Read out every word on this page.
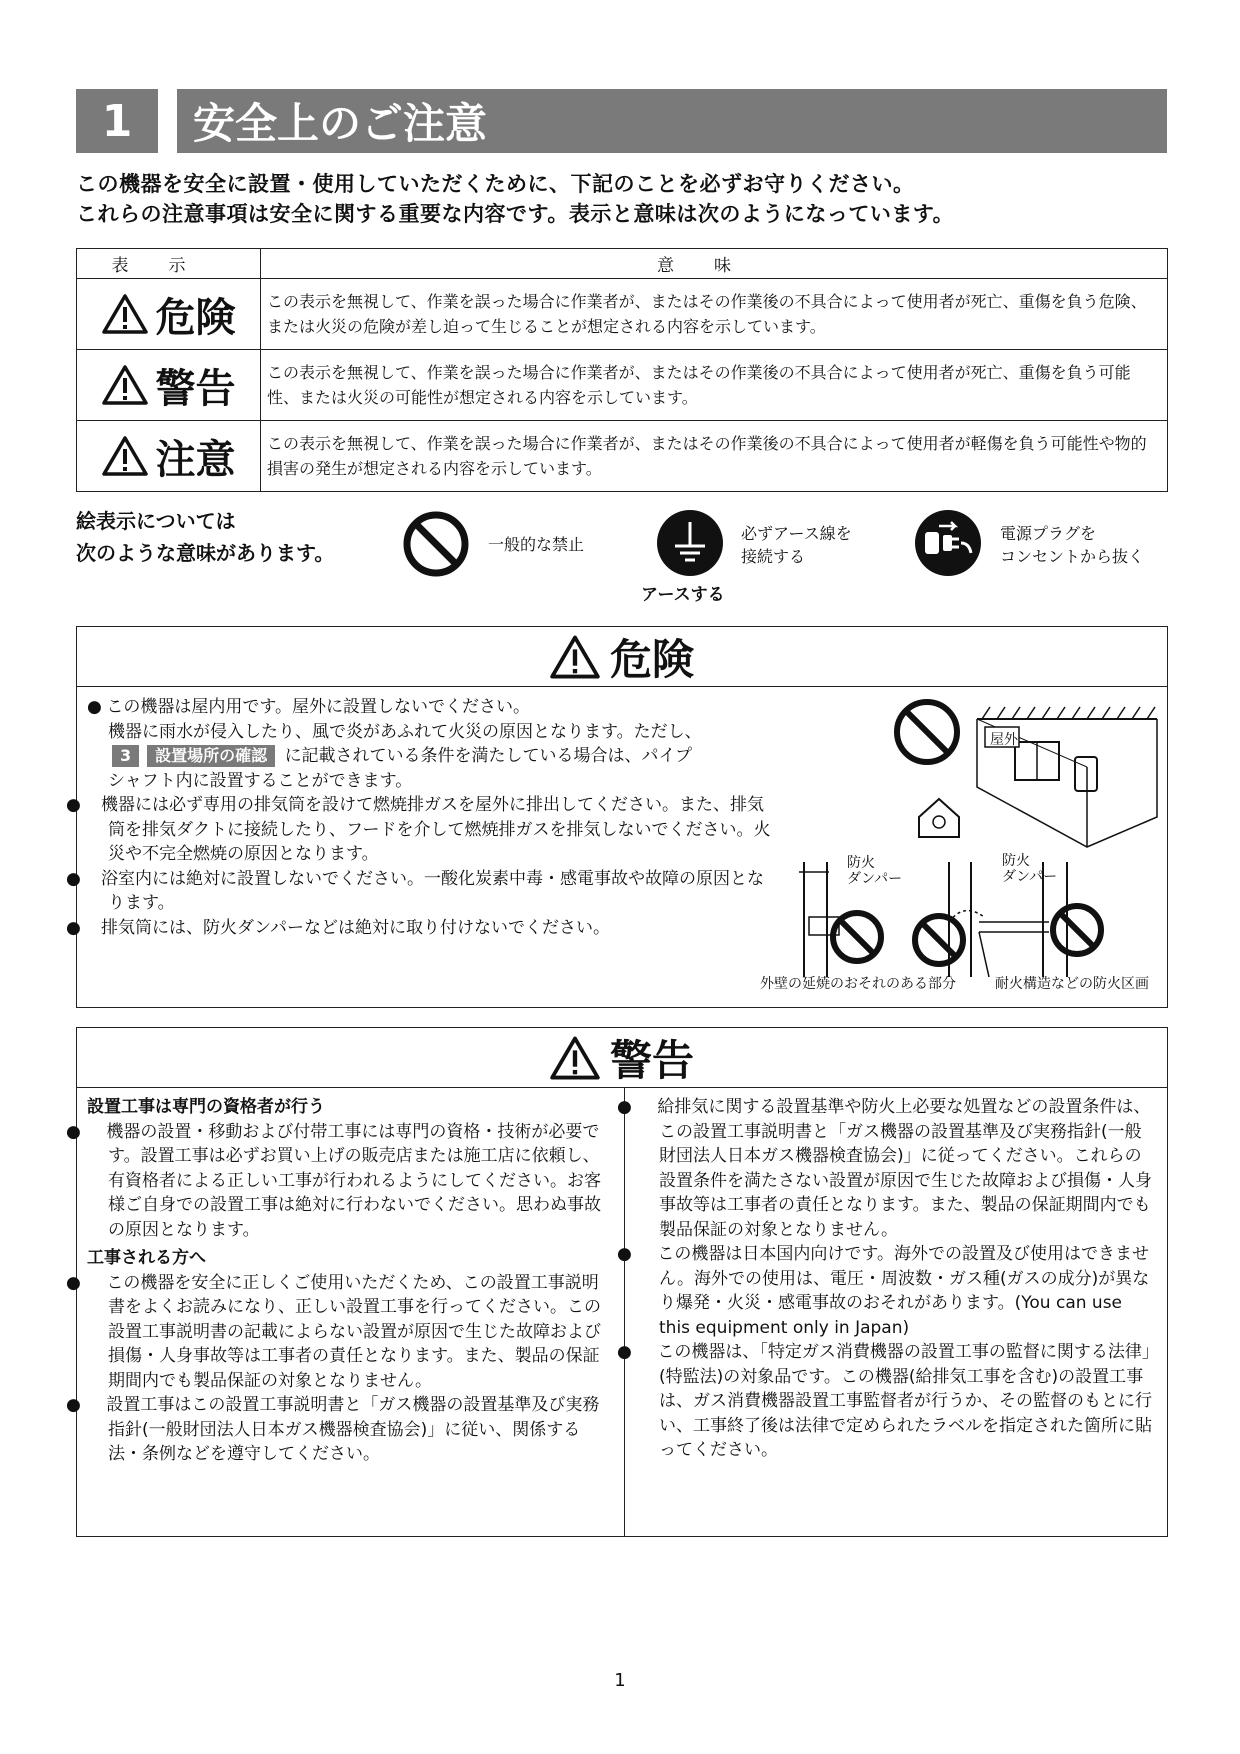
1	安全上のご注意
この機器を安全に設置・使用していただくために、下記のことを必ずお守りください。
これらの注意事項は安全に関する重要な内容です。表示と意味は次のようになっています。
表示	意味

危険	この表示を無視して、作業を誤った場合に作業者が、またはその作業後の不具合によって使用者が死亡、重傷を負う危険、または火災の危険が差し迫って生じることが想定される内容を示しています。

警告	この表示を無視して、作業を誤った場合に作業者が、またはその作業後の不具合によって使用者が死亡、重傷を負う可能性、または火災の可能性が想定される内容を示しています。

注意	この表示を無視して、作業を誤った場合に作業者が、またはその作業後の不具合によって使用者が軽傷を負う可能性や物的損害の発生が想定される内容を示しています。
絵表示については
次のような意味があります。	一般的な禁止
必ずアース線を
接続する
アースする
電源プラグを
コンセントから抜く
危険

● この機器は屋内用です。屋外に設置しないでください。

機器に雨水が侵入したり、風で炎があふれて火災の原因となります。ただし、

3 設置場所の確認 に記載されている条件を満たしている場合は、パイプ

シャフト内に設置することができます。

● 機器には必ず専用の排気筒を設けて燃焼排ガスを屋外に排出してください。また、排気筒を排気ダクトに接続したり、フードを介して燃焼排ガスを排気しないでください。火災や不完全燃焼の原因となります。

● 浴室内には絶対に設置しないでください。一酸化炭素中毒・感電事故や故障の原因となります。

● 排気筒には、防火ダンパーなどは絶対に取り付けないでください。

屋外
防火
ダンパー
防火
ダンパー
外壁の延焼のおそれのある部分	耐火構造などの防火区画
警告

設置工事は専門の資格者が行う

● 機器の設置・移動および付帯工事には専門の資格・技術が必要です。設置工事は必ずお買い上げの販売店または施工店に依頼し、有資格者による正しい工事が行われるようにしてください。お客様ご自身での設置工事は絶対に行わないでください。思わぬ事故の原因となります。

工事される方へ

● この機器を安全に正しくご使用いただくため、この設置工事説明書をよくお読みになり、正しい設置工事を行ってください。この設置工事説明書の記載によらない設置が原因で生じた故障および損傷・人身事故等は工事者の責任となります。また、製品の保証期間内でも製品保証の対象となりません。

● 設置工事はこの設置工事説明書と「ガス機器の設置基準及び実務指針(一般財団法人日本ガス機器検査協会)」に従い、関係する法・条例などを遵守してください。

● 給排気に関する設置基準や防火上必要な処置などの設置条件は、この設置工事説明書と「ガス機器の設置基準及び実務指針(一般財団法人日本ガス機器検査協会)」に従ってください。これらの設置条件を満たさない設置が原因で生じた故障および損傷・人身事故等は工事者の責任となります。また、製品の保証期間内でも製品保証の対象となりません。

● この機器は日本国内向けです。海外での設置及び使用はできません。海外での使用は、電圧・周波数・ガス種(ガスの成分)が異なり爆発・火災・感電事故のおそれがあります。(You can use this equipment only in Japan)

● この機器は、「特定ガス消費機器の設置工事の監督に関する法律」(特監法)の対象品です。この機器(給排気工事を含む)の設置工事は、ガス消費機器設置工事監督者が行うか、その監督のもとに行い、工事終了後は法律で定められたラベルを指定された箇所に貼ってください。

1
